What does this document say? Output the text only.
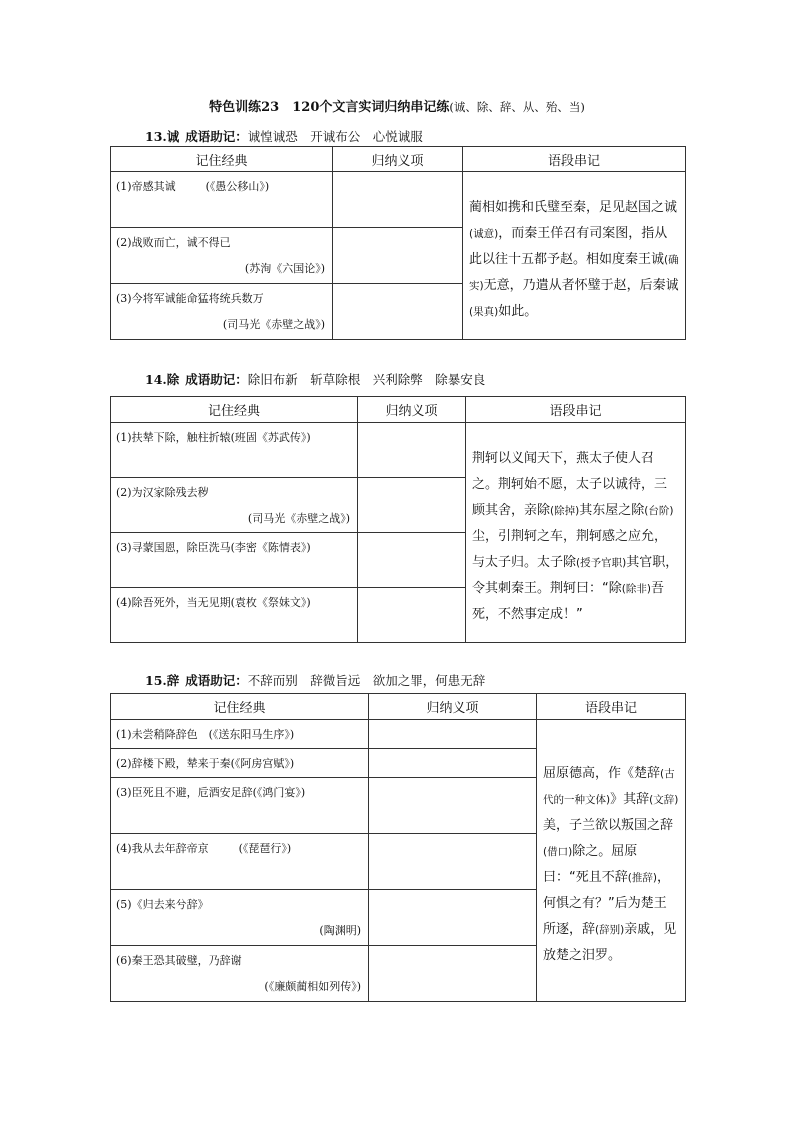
特色训练23　120个文言实词归纳串记练(诚、除、辞、从、殆、当)
13.诚 成语助记：诚惶诚恐　开诚布公　心悦诚服
记住经典	归纳义项	语段串记
(1)帝感其诚 (《愚公移山》)		蔺相如携和氏璧至秦，足见赵国之诚(诚意)，而秦王佯召有司案图，指从此以往十五都予赵。相如度秦王诚(确实)无意，乃遣从者怀璧于赵，后秦诚(果真)如此。
(2)战败而亡，诚不得已
(苏洵《六国论》)		

(3)今将军诚能命猛将统兵数万
(司马光《赤壁之战》)		

14.除 成语助记：除旧布新　斩草除根　兴利除弊　除暴安良
记住经典	归纳义项	语段串记
(1)扶辇下除，触柱折辕(班固《苏武传》)		荆轲以义闻天下，燕太子使人召之。荆轲始不愿，太子以诚待，三顾其舍，亲除(除掉)其东屋之除(台阶)尘，引荆轲之车，荆轲感之应允，与太子归。太子除(授予官职)其官职，令其刺秦王。荆轲曰：“除(除非)吾死，不然事定成！”
(2)为汉家除残去秽
(司马光《赤壁之战》)		

(3)寻蒙国恩，除臣洗马(李密《陈情表》)		
(4)除吾死外，当无见期(袁枚《祭妹文》)		
15.辞 成语助记：不辞而别　辞微旨远　欲加之罪，何患无辞
记住经典	归纳义项	语段串记
(1)未尝稍降辞色　 (《送东阳马生序》)		屈原德高，作《楚辞(古代的一种文体)》其辞(文辞)美，子兰欲以叛国之辞(借口)除之。屈原曰：“死且不辞(推辞)，何惧之有？”后为楚王所逐，辞(辞别)亲戚，见放楚之汨罗。
(2)辞楼下殿，辇来于秦(《阿房宫赋》)		
(3)臣死且不避，卮酒安足辞(《鸿门宴》)		
(4)我从去年辞帝京 (《琵琶行》)		
(5)《归去来兮辞》
(陶渊明)		

(6)秦王恐其破璧，乃辞谢
(《廉颇蔺相如列传》)		
